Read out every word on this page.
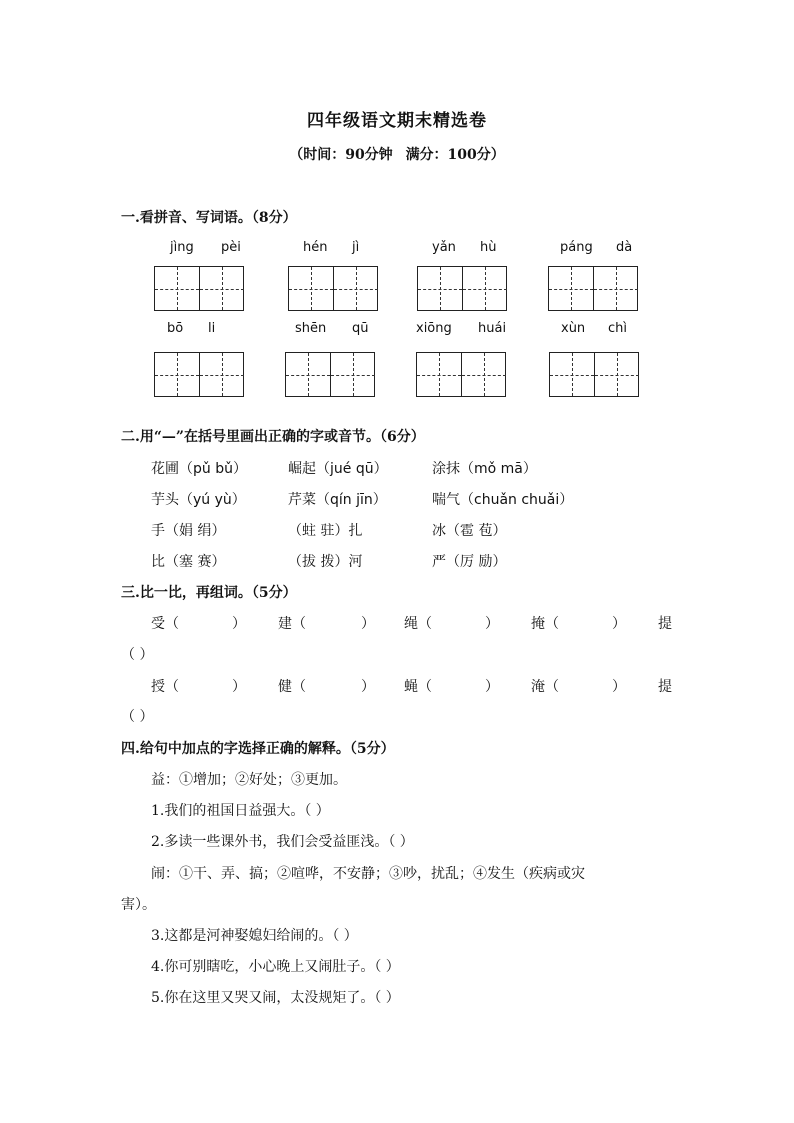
四年级语文期末精选卷
（时间：90分钟 满分：100分）
一.看拼音、写词语。（8分）
jìng pèi	hén jì	yǎn hù	páng dà
bō li	shēn qū	xiōng huái	xùn chì
二.用“—”在括号里画出正确的字或音节。（6分）
花圃（pǔ bǔ）	崛起（jué qū）	涂抹（mǒ mā）
芋头（yú yù）	芹菜（qín jīn）	喘气（chuǎn chuǎi）
手（娟 绢）	（蛀 驻）扎	冰（雹 苞）
比（塞 赛）	（拔 拨）河	严（厉 励）
三.比一比，再组词。（5分）
受（	） 建（	） 绳（	） 掩（	） 提
（ ）
授（	） 健（	） 蝇（	） 淹（	） 提
（ ）
四.给句中加点的字选择正确的解释。（5分）
益：①增加；②好处；③更加。
1.我们的祖国日益强大。（ ）
2.多读一些课外书，我们会受益匪浅。（ ）
闹：①干、弄、搞；②喧哗，不安静；③吵，扰乱；④发生（疾病或灾
害）。
3.这都是河神娶媳妇给闹的。（ ）
4.你可别瞎吃，小心晚上又闹肚子。（ ）
5.你在这里又哭又闹，太没规矩了。（ ）
